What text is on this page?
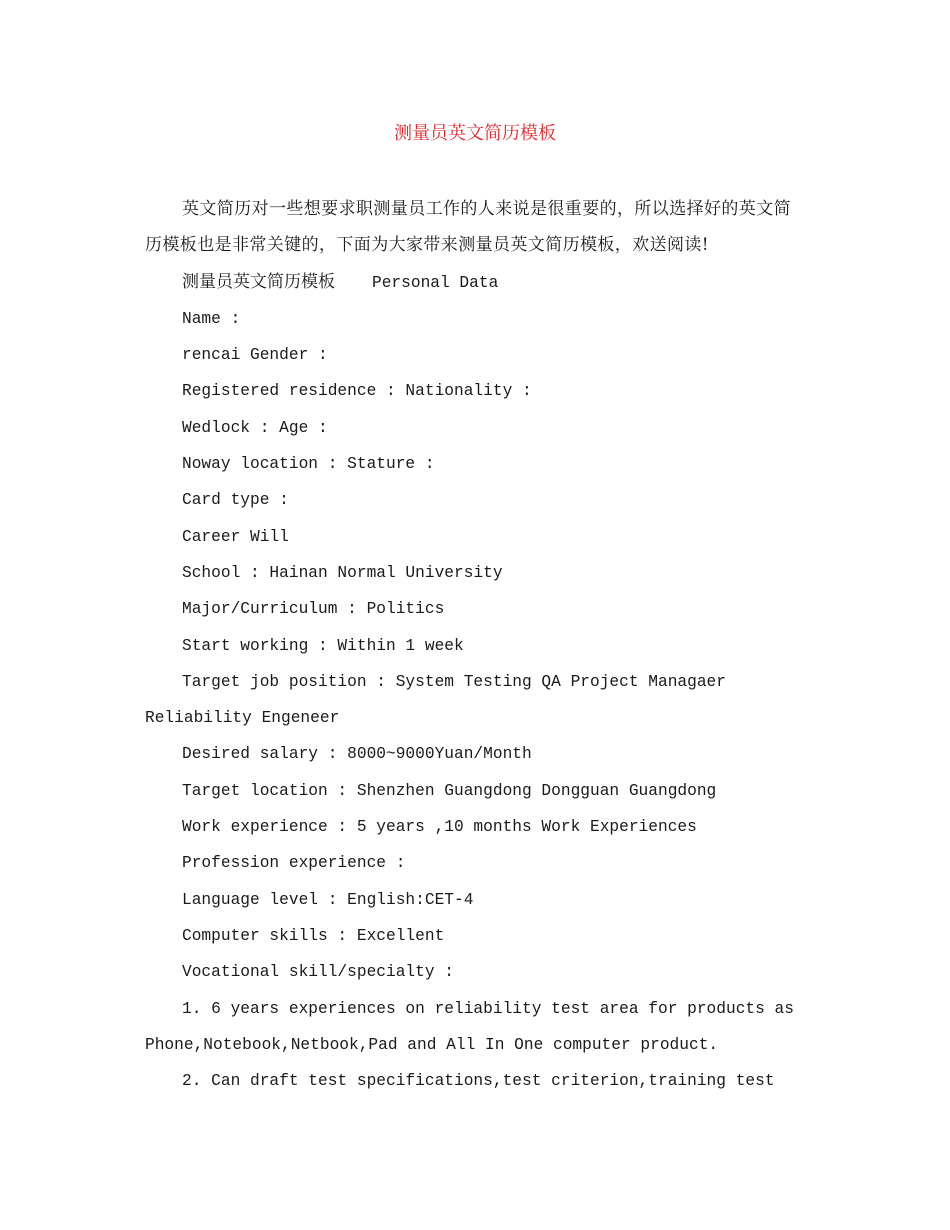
测量员英文简历模板

英文简历对一些想要求职测量员工作的人来说是很重要的，所以选择好的英文简历模板也是非常关键的，下面为大家带来测量员英文简历模板，欢送阅读!

测量员英文简历模板 Personal Data

Name :

rencai Gender :

Registered residence : Nationality :

Wedlock : Age :

Noway location : Stature :

Card type :

Career Will

School : Hainan Normal University

Major/Curriculum : Politics

Start working : Within 1 week

Target job position : System Testing QA Project Managaer Reliability Engeneer

Desired salary : 8000~9000Yuan/Month

Target location : Shenzhen Guangdong Dongguan Guangdong

Work experience : 5 years ,10 months Work Experiences

Profession experience :

Language level : English:CET-4

Computer skills : Excellent

Vocational skill/specialty :

1. 6 years experiences on reliability test area for products as Phone,Notebook,Netbook,Pad and All In One computer product.

2. Can draft test specifications,test criterion,training test
